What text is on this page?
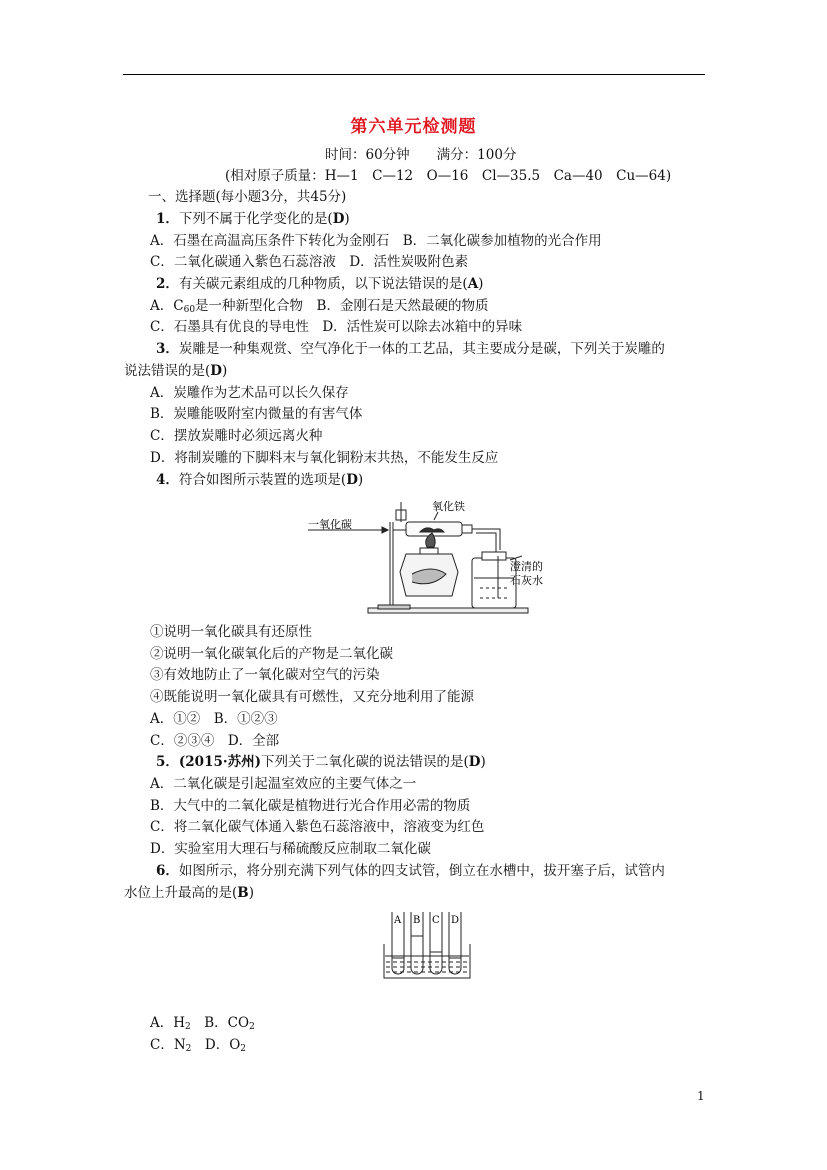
第六单元检测题
时间：60分钟　　满分：100分
(相对原子质量：H—1　C—12　O—16　Cl—35.5　Ca—40　Cu—64)
一、选择题(每小题3分，共45分)
1．下列不属于化学变化的是(D)
A．石墨在高温高压条件下转化为金刚石　B．二氧化碳参加植物的光合作用
C．二氧化碳通入紫色石蕊溶液　D．活性炭吸附色素
2．有关碳元素组成的几种物质，以下说法错误的是(A)
A．$C_{60}$是一种新型化合物　B．金刚石是天然最硬的物质
C．石墨具有优良的导电性　D．活性炭可以除去冰箱中的异味
3．炭雕是一种集观赏、空气净化于一体的工艺品，其主要成分是碳，下列关于炭雕的
说法错误的是(D)
A．炭雕作为艺术品可以长久保存
B．炭雕能吸附室内微量的有害气体
C．摆放炭雕时必须远离火种
D．将制炭雕的下脚料末与氧化铜粉末共热，不能发生反应
4．符合如图所示装置的选项是(D)
一氧化碳
氧化铁
澄清的
石灰水
①说明一氧化碳具有还原性
②说明一氧化碳氧化后的产物是二氧化碳
③有效地防止了一氧化碳对空气的污染
④既能说明一氧化碳具有可燃性，又充分地利用了能源
A．①②　B．①②③
C．②③④　D．全部
5．(2015·苏州)下列关于二氧化碳的说法错误的是(D)
A．二氧化碳是引起温室效应的主要气体之一
B．大气中的二氧化碳是植物进行光合作用必需的物质
C．将二氧化碳气体通入紫色石蕊溶液中，溶液变为红色
D．实验室用大理石与稀硫酸反应制取二氧化碳
6．如图所示，将分别充满下列气体的四支试管，倒立在水槽中，拔开塞子后，试管内
水位上升最高的是(B)
A B C D
A．$H_2$　B．$CO_2$
C．$N_2$　D．$O_2$
1
